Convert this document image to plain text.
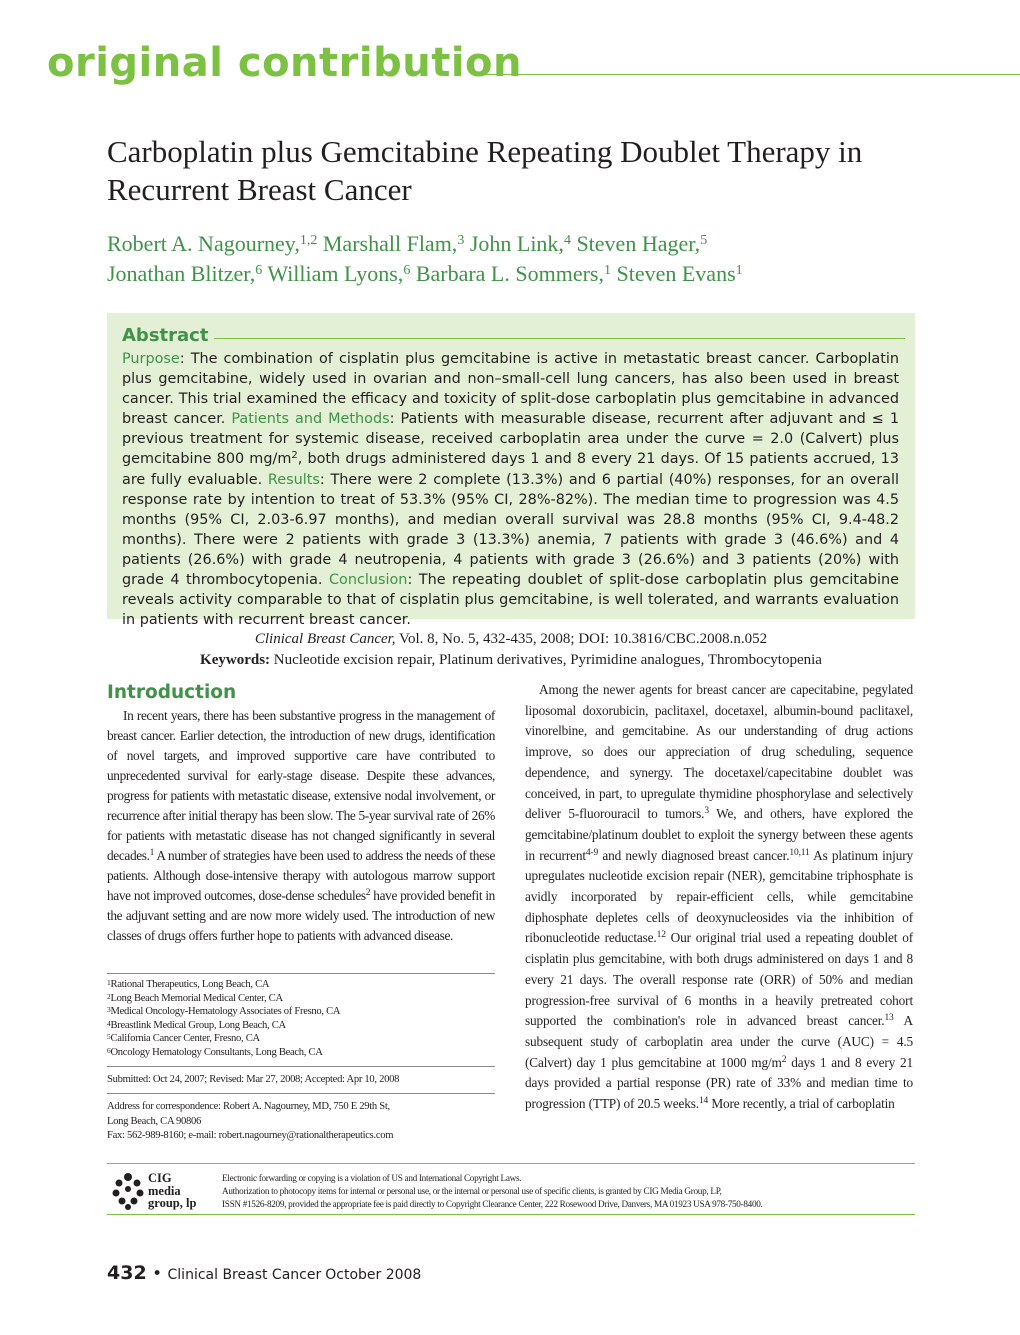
original contribution
Carboplatin plus Gemcitabine Repeating Doublet Therapy in Recurrent Breast Cancer
Robert A. Nagourney,$^{1,2}$ Marshall Flam,$^3$ John Link,$^4$ Steven Hager,$^5$
Jonathan Blitzer,$^6$ William Lyons,$^6$ Barbara L. Sommers,$^1$ Steven Evans$^1$
Abstract

Purpose: The combination of cisplatin plus gemcitabine is active in metastatic breast cancer. Carboplatin plus gemcitabine, widely used in ovarian and non–small-cell lung cancers, has also been used in breast cancer. This trial examined the efficacy and toxicity of split-dose carboplatin plus gemcitabine in advanced breast cancer. Patients and Methods: Patients with measurable disease, recurrent after adjuvant and ≤ 1 previous treatment for systemic disease, received carboplatin area under the curve = 2.0 (Calvert) plus gemcitabine 800 $mg/m^2$, both drugs administered days 1 and 8 every 21 days. Of 15 patients accrued, 13 are fully evaluable. Results: There were 2 complete (13.3%) and 6 partial (40%) responses, for an overall response rate by intention to treat of 53.3% (95% CI, 28%-82%). The median time to progression was 4.5 months (95% CI, 2.03-6.97 months), and median overall survival was 28.8 months (95% CI, 9.4-48.2 months). There were 2 patients with grade 3 (13.3%) anemia, 7 patients with grade 3 (46.6%) and 4 patients (26.6%) with grade 4 neutropenia, 4 patients with grade 3 (26.6%) and 3 patients (20%) with grade 4 thrombocytopenia. Conclusion: The repeating doublet of split-dose carboplatin plus gemcitabine reveals activity comparable to that of cisplatin plus gemcitabine, is well tolerated, and warrants evaluation in patients with recurrent breast cancer.

Clinical Breast Cancer, Vol. 8, No. 5, 432-435, 2008; DOI: 10.3816/CBC.2008.n.052
Keywords: Nucleotide excision repair, Platinum derivatives, Pyrimidine analogues, Thrombocytopenia
Introduction

In recent years, there has been substantive progress in the management of breast cancer. Earlier detection, the introduction of new drugs, identification of novel targets, and improved supportive care have contributed to unprecedented survival for early-stage disease. Despite these advances, progress for patients with metastatic disease, extensive nodal involvement, or recurrence after initial therapy has been slow. The 5-year survival rate of 26% for patients with metastatic disease has not changed significantly in several decades.$^1$ A number of strategies have been used to address the needs of these patients. Although dose-intensive therapy with autologous marrow support have not improved outcomes, dose-dense schedules$^2$ have provided benefit in the adjuvant setting and are now more widely used. The introduction of new classes of drugs offers further hope to patients with advanced disease.

$^1$Rational Therapeutics, Long Beach, CA
$^2$Long Beach Memorial Medical Center, CA
$^3$Medical Oncology-Hematology Associates of Fresno, CA
$^4$Breastlink Medical Group, Long Beach, CA
$^5$California Cancer Center, Fresno, CA
$^6$Oncology Hematology Consultants, Long Beach, CA
Submitted: Oct 24, 2007; Revised: Mar 27, 2008; Accepted: Apr 10, 2008
Address for correspondence: Robert A. Nagourney, MD, 750 E 29th St,
Long Beach, CA 90806
Fax: 562-989-8160; e-mail: robert.nagourney@rationaltherapeutics.com

Among the newer agents for breast cancer are capecitabine, pegylated liposomal doxorubicin, paclitaxel, docetaxel, albumin-bound paclitaxel, vinorelbine, and gemcitabine. As our understanding of drug actions improve, so does our appreciation of drug scheduling, sequence dependence, and synergy. The docetaxel/capecitabine doublet was conceived, in part, to upregulate thymidine phosphorylase and selectively deliver 5-fluorouracil to tumors.$^3$ We, and others, have explored the gemcitabine/platinum doublet to exploit the synergy between these agents in recurrent$^{4-9}$ and newly diagnosed breast cancer.$^{10,11}$ As platinum injury upregulates nucleotide excision repair (NER), gemcitabine triphosphate is avidly incorporated by repair-efficient cells, while gemcitabine diphosphate depletes cells of deoxynucleosides via the inhibition of ribonucleotide reductase.$^{12}$ Our original trial used a repeating doublet of cisplatin plus gemcitabine, with both drugs administered on days 1 and 8 every 21 days. The overall response rate (ORR) of 50% and median progression-free survival of 6 months in a heavily pretreated cohort supported the combination's role in advanced breast cancer.$^{13}$ A subsequent study of carboplatin area under the curve (AUC) = 4.5 (Calvert) day 1 plus gemcitabine at 1000 $mg/m^2$ days 1 and 8 every 21 days provided a partial response (PR) rate of 33% and median time to progression (TTP) of 20.5 weeks.$^{14}$ More recently, a trial of carboplatin

CIG
media
group, lp
Electronic forwarding or copying is a violation of US and International Copyright Laws.
Authorization to photocopy items for internal or personal use, or the internal or personal use of specific clients, is granted by CIG Media Group, LP,
ISSN #1526-8209, provided the appropriate fee is paid directly to Copyright Clearance Center, 222 Rosewood Drive, Danvers, MA 01923 USA 978-750-8400.
432 • Clinical Breast Cancer October 2008
